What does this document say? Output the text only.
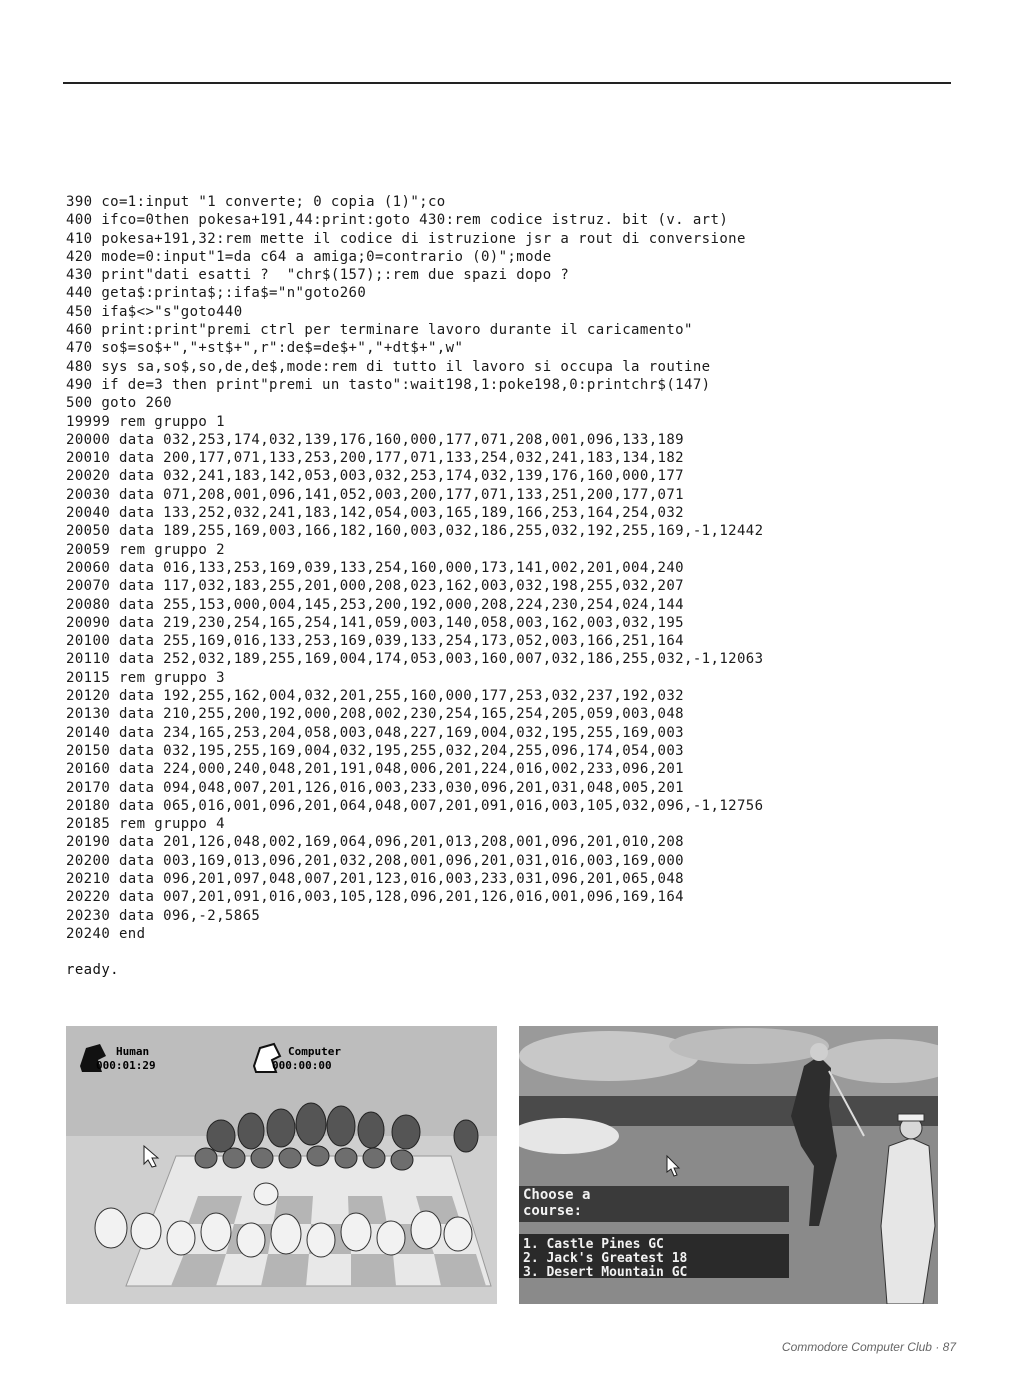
390 co=1:input "1 converte; 0 copia (1)";co
400 ifco=0then pokesa+191,44:print:goto 430:rem codice istruz. bit (v. art)
410 pokesa+191,32:rem mette il codice di istruzione jsr a rout di conversione
420 mode=0:input"1=da c64 a amiga;0=contrario (0)";mode
430 print"dati esatti ?  "chr$(157);:rem due spazi dopo ?
440 geta$:printa$;:ifa$="n"goto260
450 ifa$<>"s"goto440
460 print:print"premi ctrl per terminare lavoro durante il caricamento"
470 so$=so$+","+st$+",r":de$=de$+","+dt$+",w"
480 sys sa,so$,so,de,de$,mode:rem di tutto il lavoro si occupa la routine
490 if de=3 then print"premi un tasto":wait198,1:poke198,0:printchr$(147)
500 goto 260
19999 rem gruppo 1
20000 data 032,253,174,032,139,176,160,000,177,071,208,001,096,133,189
20010 data 200,177,071,133,253,200,177,071,133,254,032,241,183,134,182
20020 data 032,241,183,142,053,003,032,253,174,032,139,176,160,000,177
20030 data 071,208,001,096,141,052,003,200,177,071,133,251,200,177,071
20040 data 133,252,032,241,183,142,054,003,165,189,166,253,164,254,032
20050 data 189,255,169,003,166,182,160,003,032,186,255,032,192,255,169,-1,12442
20059 rem gruppo 2
20060 data 016,133,253,169,039,133,254,160,000,173,141,002,201,004,240
20070 data 117,032,183,255,201,000,208,023,162,003,032,198,255,032,207
20080 data 255,153,000,004,145,253,200,192,000,208,224,230,254,024,144
20090 data 219,230,254,165,254,141,059,003,140,058,003,162,003,032,195
20100 data 255,169,016,133,253,169,039,133,254,173,052,003,166,251,164
20110 data 252,032,189,255,169,004,174,053,003,160,007,032,186,255,032,-1,12063
20115 rem gruppo 3
20120 data 192,255,162,004,032,201,255,160,000,177,253,032,237,192,032
20130 data 210,255,200,192,000,208,002,230,254,165,254,205,059,003,048
20140 data 234,165,253,204,058,003,048,227,169,004,032,195,255,169,003
20150 data 032,195,255,169,004,032,195,255,032,204,255,096,174,054,003
20160 data 224,000,240,048,201,191,048,006,201,224,016,002,233,096,201
20170 data 094,048,007,201,126,016,003,233,030,096,201,031,048,005,201
20180 data 065,016,001,096,201,064,048,007,201,091,016,003,105,032,096,-1,12756
20185 rem gruppo 4
20190 data 201,126,048,002,169,064,096,201,013,208,001,096,201,010,208
20200 data 003,169,013,096,201,032,208,001,096,201,031,016,003,169,000
20210 data 096,201,097,048,007,201,123,016,003,233,031,096,201,065,048
20220 data 007,201,091,016,003,105,128,096,201,126,016,001,096,169,164
20230 data 096,-2,5865
20240 end
ready.
Human
000:01:29
Computer
000:00:00
Choose a
course:
1. Castle Pines GC
2. Jack's Greatest 18
3. Desert Mountain GC
Commodore Computer Club · 87
